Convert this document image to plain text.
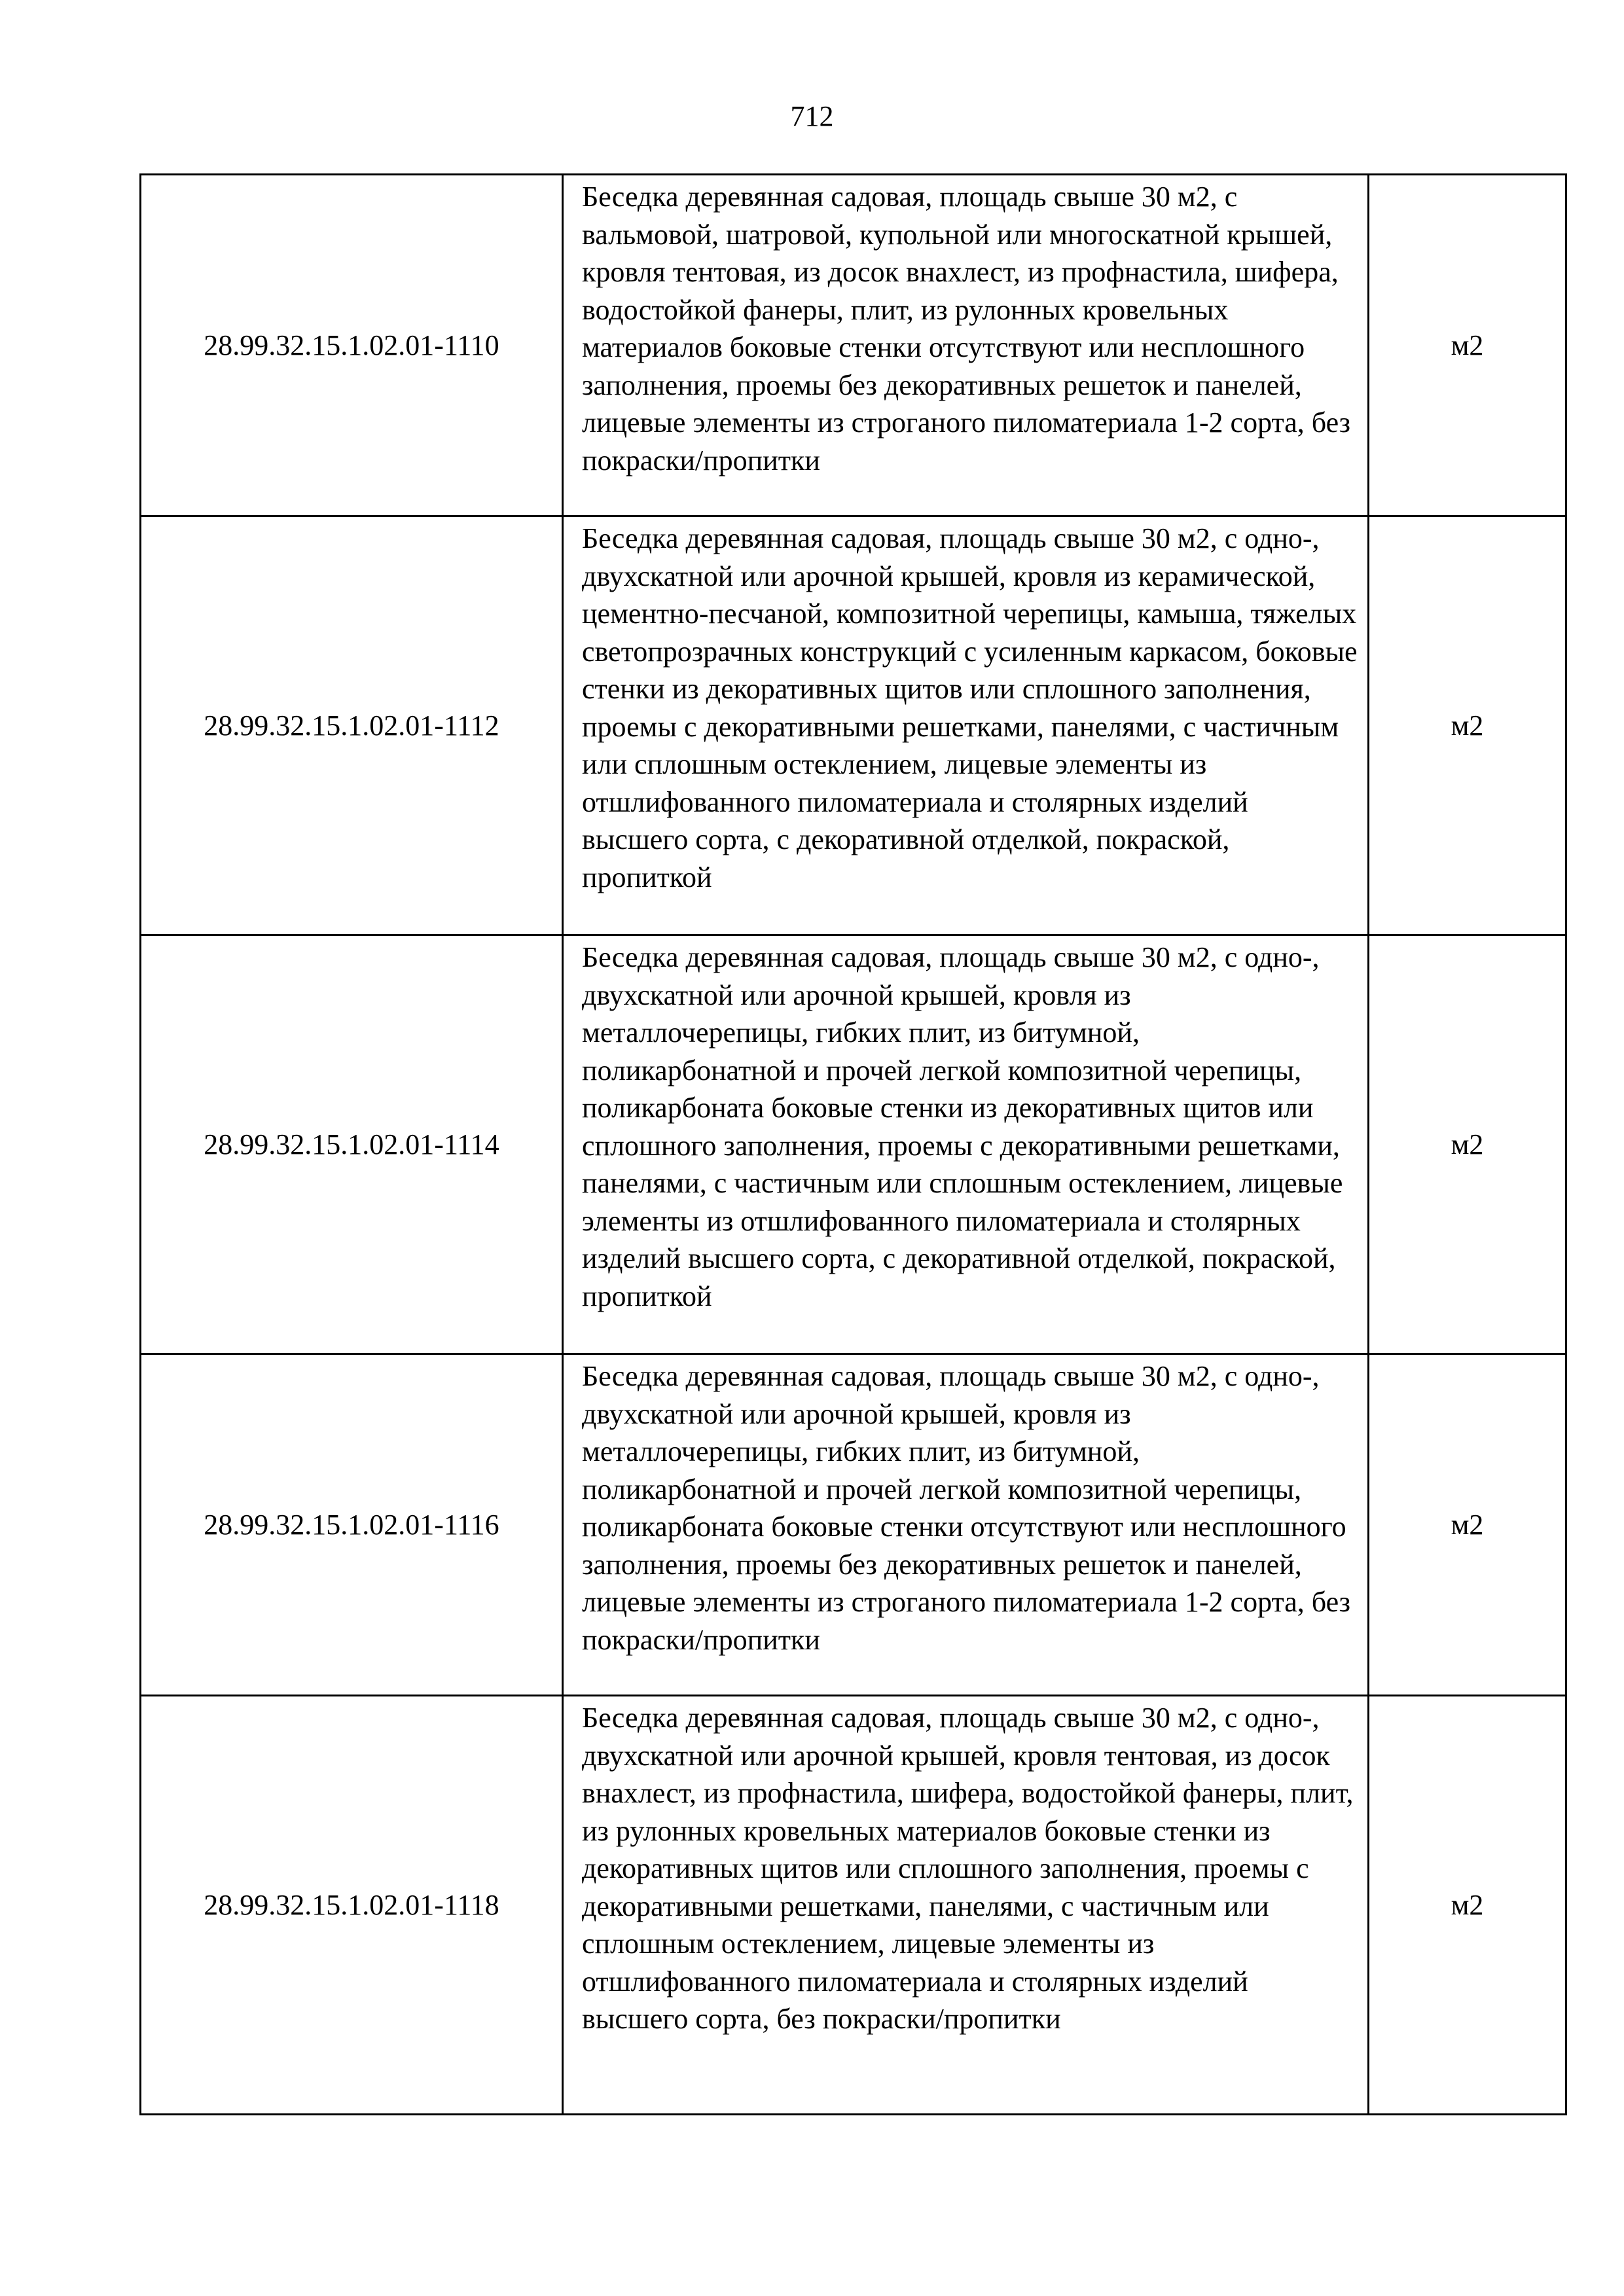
712
28.99.32.15.1.02.01-1110	Беседка деревянная садовая, площадь свыше 30 м2, с вальмовой, шатровой, купольной или многоскатной крышей, кровля тентовая, из досок внахлест, из профнастила, шифера, водостойкой фанеры, плит, из рулонных кровельных материалов боковые стенки отсутствуют или несплошного заполнения, проемы без декоративных решеток и панелей, лицевые элементы из строганого пиломатериала 1-2 сорта, без покраски/пропитки	м2
28.99.32.15.1.02.01-1112	Беседка деревянная садовая, площадь свыше 30 м2, с одно-, двухскатной или арочной крышей, кровля из керамической, цементно-песчаной, композитной черепицы, камыша, тяжелых светопрозрачных конструкций с усиленным каркасом, боковые стенки из декоративных щитов или сплошного заполнения, проемы с декоративными решетками, панелями, с частичным или сплошным остеклением, лицевые элементы из отшлифованного пиломатериала и столярных изделий высшего сорта, с декоративной отделкой, покраской, пропиткой	м2
28.99.32.15.1.02.01-1114	Беседка деревянная садовая, площадь свыше 30 м2, с одно-, двухскатной или арочной крышей, кровля из металлочерепицы, гибких плит, из битумной, поликарбонатной и прочей легкой композитной черепицы, поликарбоната боковые стенки из декоративных щитов или сплошного заполнения, проемы с декоративными решетками, панелями, с частичным или сплошным остеклением, лицевые элементы из отшлифованного пиломатериала и столярных изделий высшего сорта, с декоративной отделкой, покраской, пропиткой	м2
28.99.32.15.1.02.01-1116	Беседка деревянная садовая, площадь свыше 30 м2, с одно-, двухскатной или арочной крышей, кровля из металлочерепицы, гибких плит, из битумной, поликарбонатной и прочей легкой композитной черепицы, поликарбоната боковые стенки отсутствуют или несплошного заполнения, проемы без декоративных решеток и панелей, лицевые элементы из строганого пиломатериала 1-2 сорта, без покраски/пропитки	м2
28.99.32.15.1.02.01-1118	Беседка деревянная садовая, площадь свыше 30 м2, с одно-, двухскатной или арочной крышей, кровля тентовая, из досок внахлест, из профнастила, шифера, водостойкой фанеры, плит, из рулонных кровельных материалов боковые стенки из декоративных щитов или сплошного заполнения, проемы с декоративными решетками, панелями, с частичным или сплошным остеклением, лицевые элементы из отшлифованного пиломатериала и столярных изделий высшего сорта, без покраски/пропитки	м2
